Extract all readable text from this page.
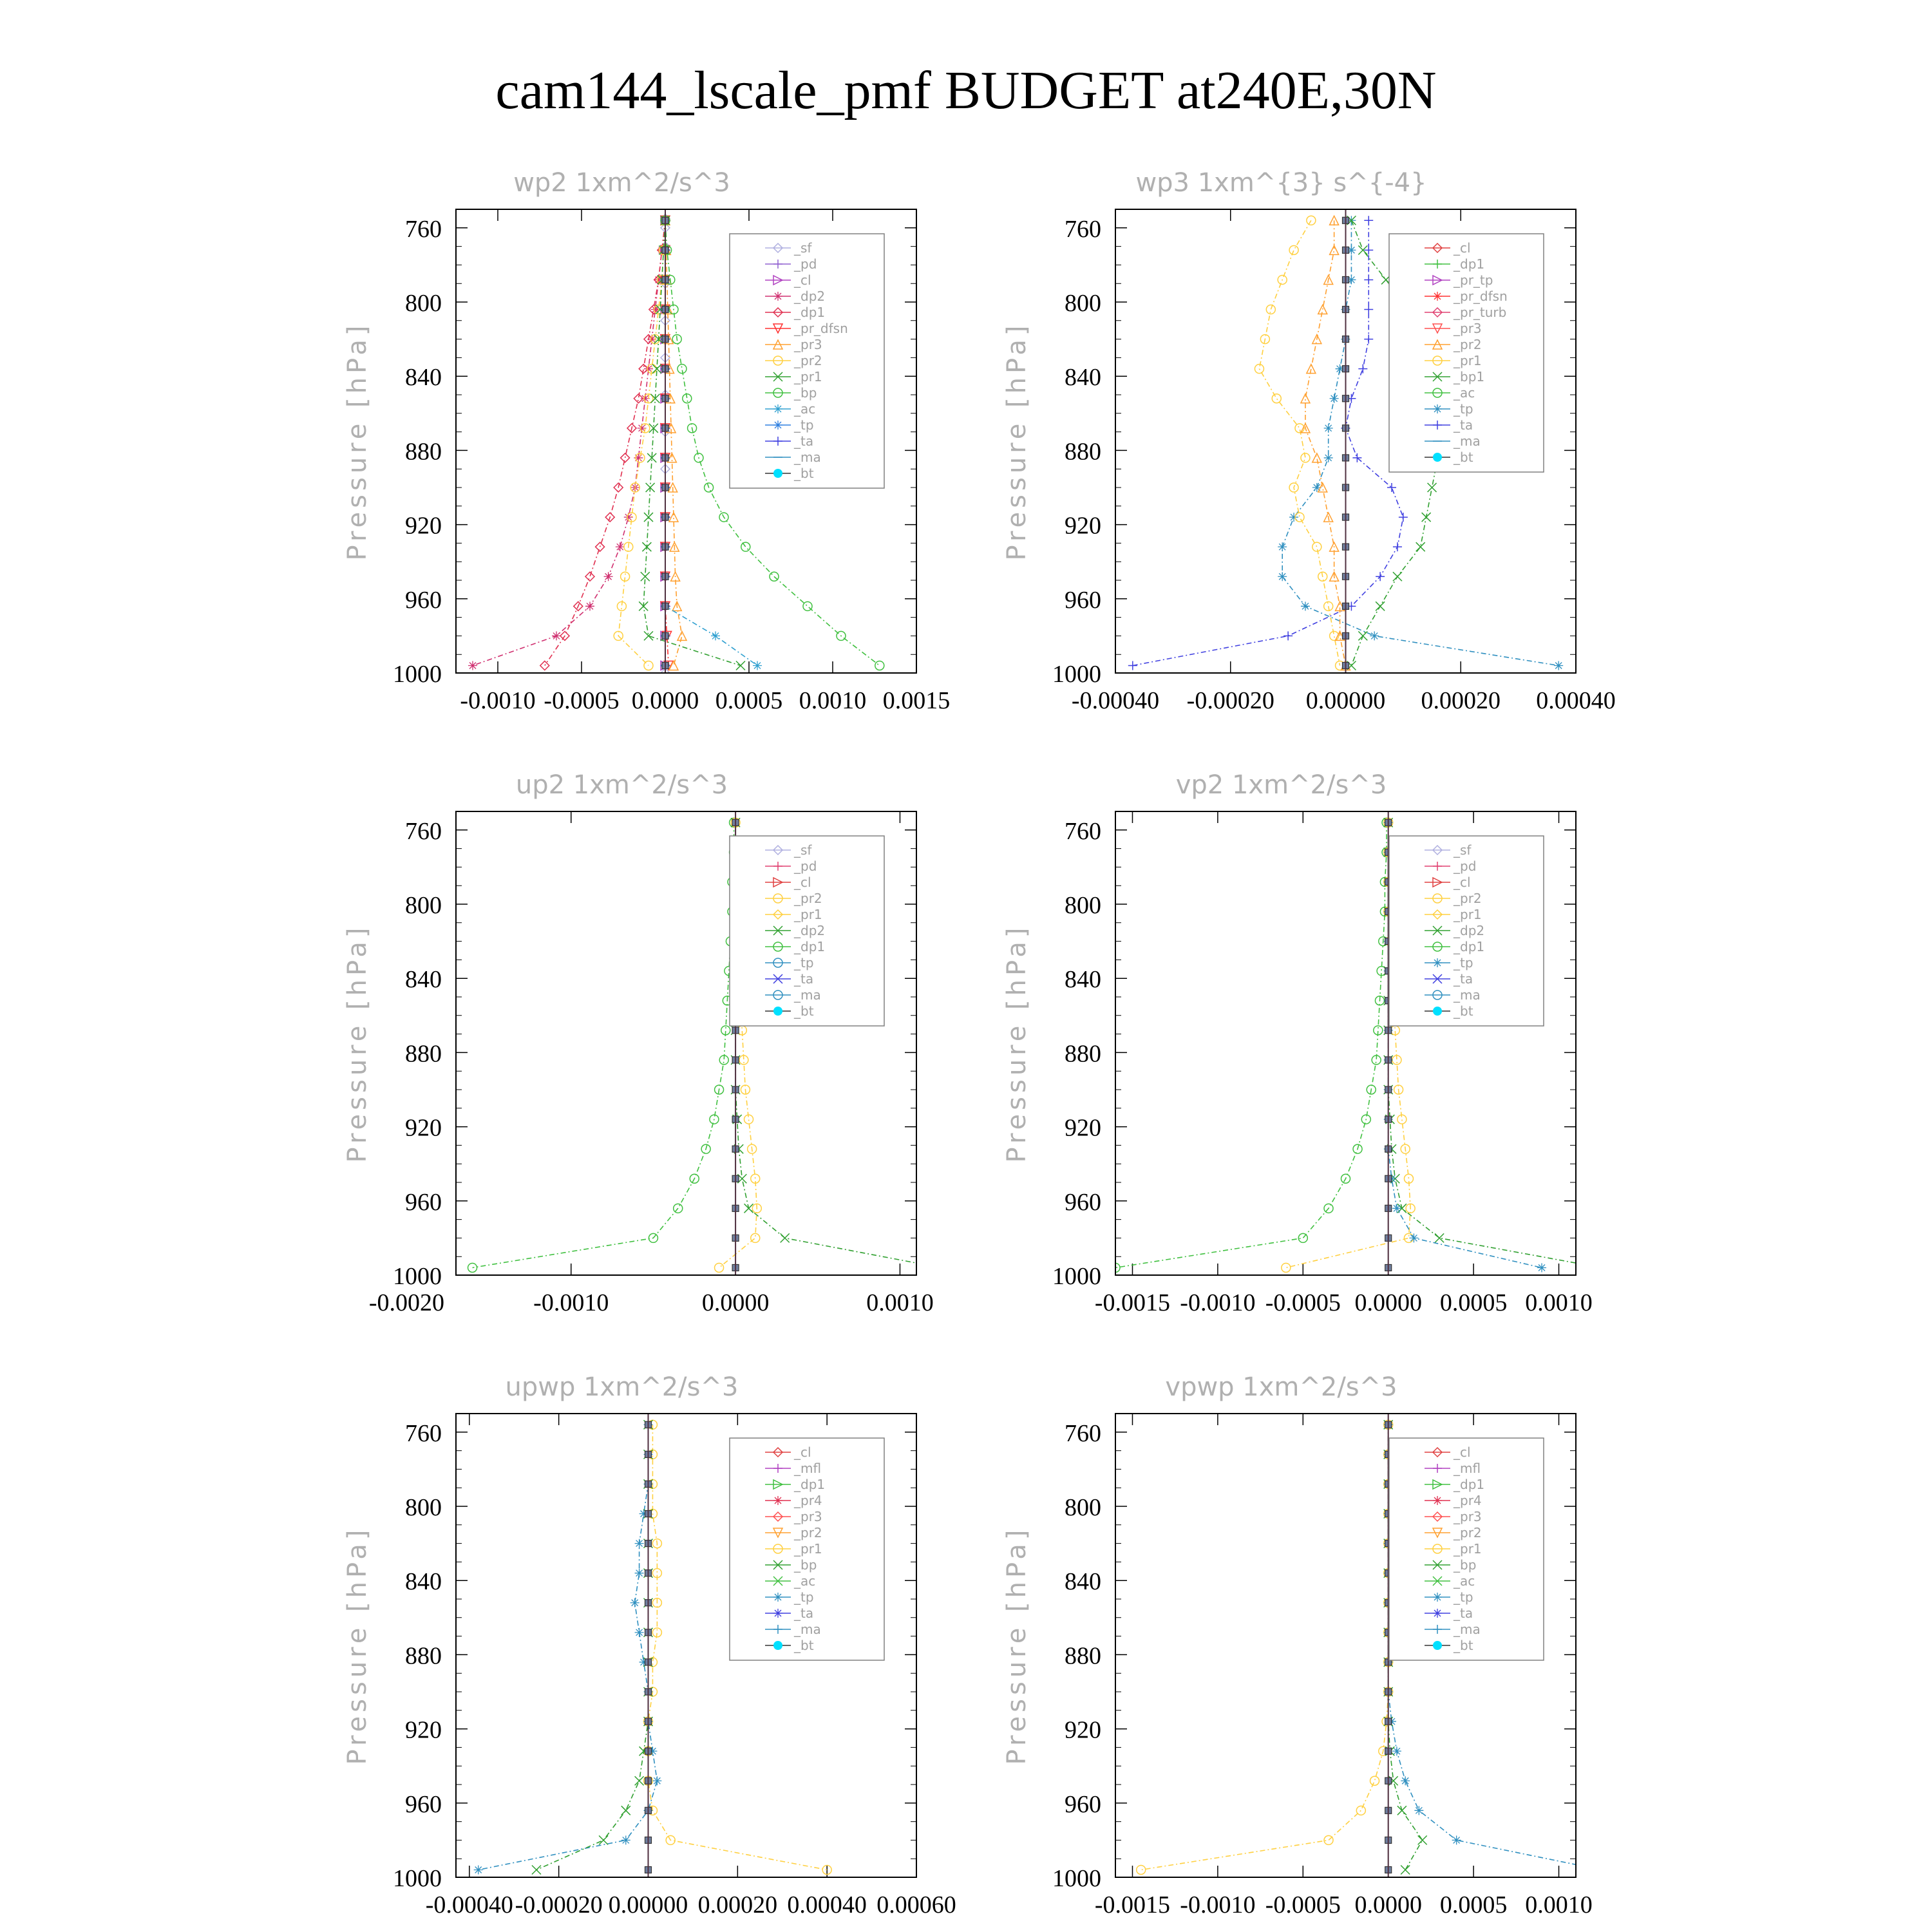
cam144_lscale_pmf BUDGET at240E,30N
wp2 1xm^2/s^3
Pressure [hPa]
760
800
840
880
920
960
1000
-0.0010 -0.0005 0.0000 0.0005 0.0010 0.0015
_sf
_pd
_cl
_dp2
_dp1
_pr_dfsn
_pr3
_pr2
_pr1
_bp
_ac
_tp
_ta
_ma
_bt
wp3 1xm^{3} s^{-4}
Pressure [hPa]
760
800
840
880
920
960
1000
-0.00040 -0.00020 0.00000 0.00020 0.00040
_cl
_dp1
_pr_tp
_pr_dfsn
_pr_turb
_pr3
_pr2
_pr1
_bp1
_ac
_tp
_ta
_ma
_bt
up2 1xm^2/s^3
Pressure [hPa]
760
800
840
880
920
960
1000
-0.0020	-0.0010	0.0000	0.0010
_sf
_pd
_cl
_pr2
_pr1
_dp2
_dp1
_tp
_ta
_ma
_bt
vp2 1xm^2/s^3
Pressure [hPa]
760
800
840
880
920
960
1000
-0.0015 -0.0010 -0.0005 0.0000 0.0005 0.0010
_sf
_pd
_cl
_pr2
_pr1
_dp2
_dp1
_tp
_ta
_ma
_bt
upwp 1xm^2/s^3
Pressure [hPa]
760
800
840
880
920
960
1000
-0.00040 -0.00020 0.00000 0.00020 0.00040 0.00060
_cl
_mfl
_dp1
_pr4
_pr3
_pr2
_pr1
_bp
_ac
_tp
_ta
_ma
_bt
vpwp 1xm^2/s^3
Pressure [hPa]
760
800
840
880
920
960
1000
-0.0015 -0.0010 -0.0005 0.0000 0.0005 0.0010
_cl
_mfl
_dp1
_pr4
_pr3
_pr2
_pr1
_bp
_ac
_tp
_ta
_ma
_bt
